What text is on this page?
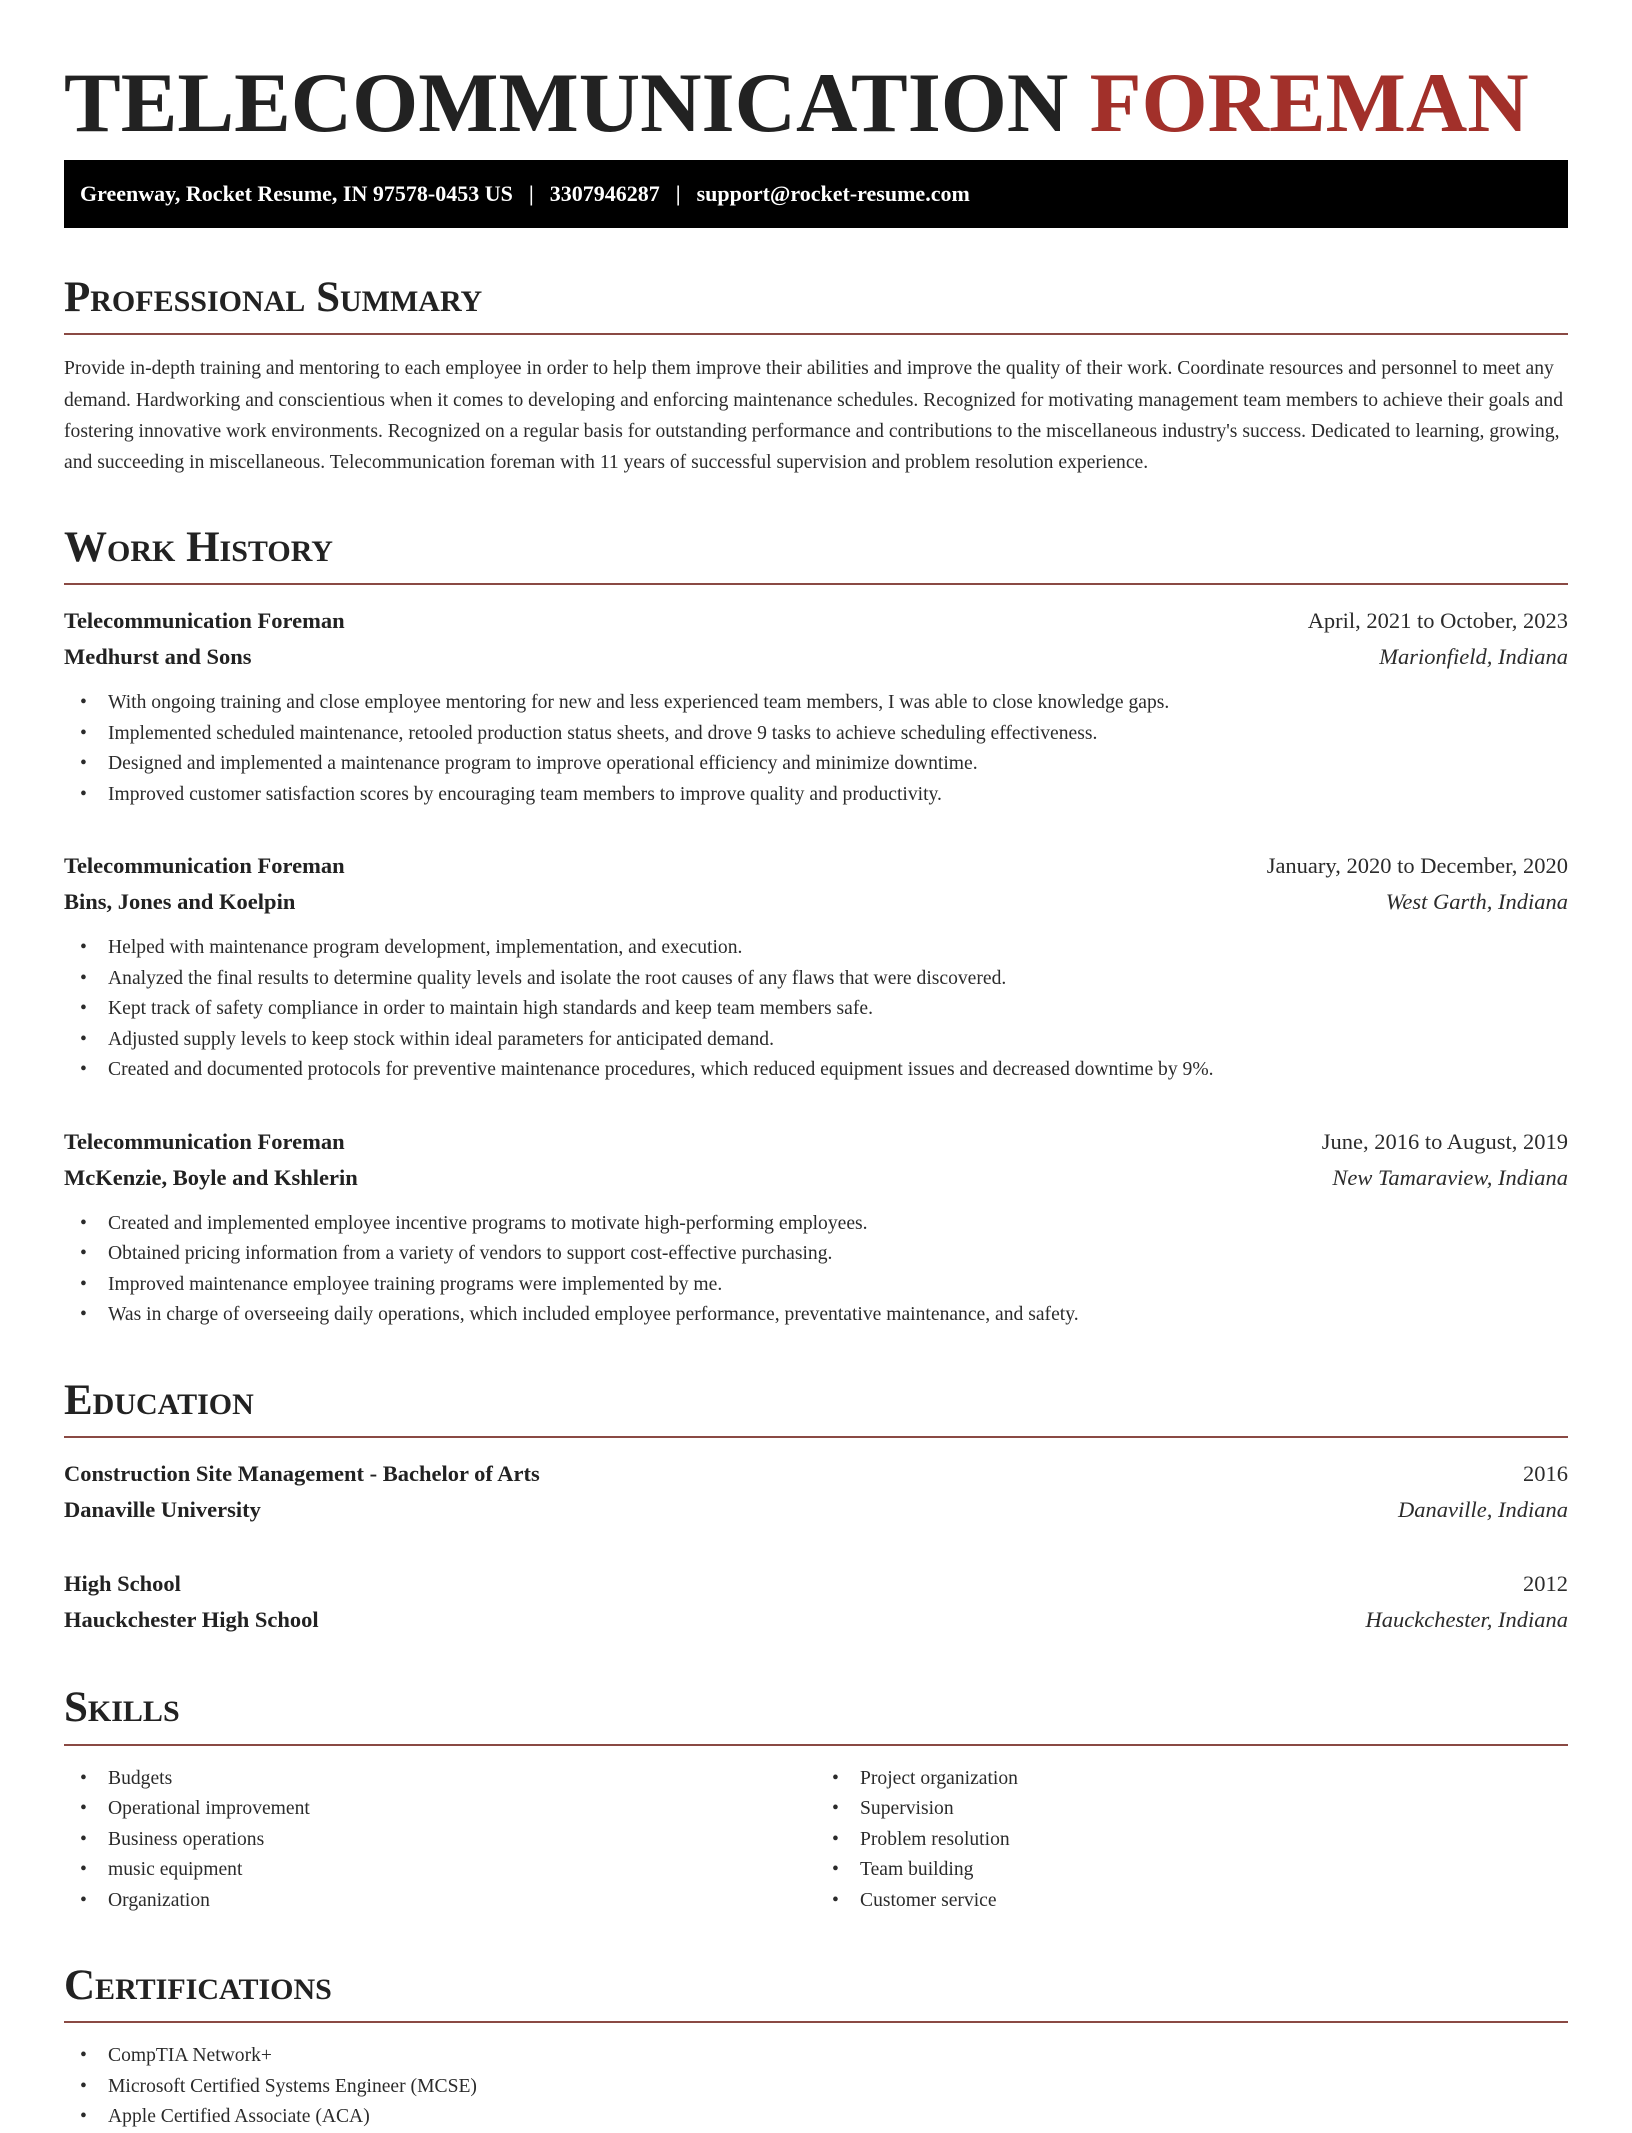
TELECOMMUNICATION FOREMAN
Greenway, Rocket Resume, IN 97578-0453 US | 3307946287 | support@rocket-resume.com
Professional Summary

Provide in-depth training and mentoring to each employee in order to help them improve their abilities and improve the quality of their work. Coordinate resources and personnel to meet any demand. Hardworking and conscientious when it comes to developing and enforcing maintenance schedules. Recognized for motivating management team members to achieve their goals and fostering innovative work environments. Recognized on a regular basis for outstanding performance and contributions to the miscellaneous industry's success. Dedicated to learning, growing, and succeeding in miscellaneous. Telecommunication foreman with 11 years of successful supervision and problem resolution experience.

Work History
Telecommunication Foreman	April, 2021 to October, 2023
Medhurst and Sons	Marionfield, Indiana
• With ongoing training and close employee mentoring for new and less experienced team members, I was able to close knowledge gaps.
• Implemented scheduled maintenance, retooled production status sheets, and drove 9 tasks to achieve scheduling effectiveness.
• Designed and implemented a maintenance program to improve operational efficiency and minimize downtime.
• Improved customer satisfaction scores by encouraging team members to improve quality and productivity.
Telecommunication Foreman	January, 2020 to December, 2020
Bins, Jones and Koelpin	West Garth, Indiana
• Helped with maintenance program development, implementation, and execution.
• Analyzed the final results to determine quality levels and isolate the root causes of any flaws that were discovered.
• Kept track of safety compliance in order to maintain high standards and keep team members safe.
• Adjusted supply levels to keep stock within ideal parameters for anticipated demand.
• Created and documented protocols for preventive maintenance procedures, which reduced equipment issues and decreased downtime by 9%.
Telecommunication Foreman	June, 2016 to August, 2019
McKenzie, Boyle and Kshlerin	New Tamaraview, Indiana
• Created and implemented employee incentive programs to motivate high-performing employees.
• Obtained pricing information from a variety of vendors to support cost-effective purchasing.
• Improved maintenance employee training programs were implemented by me.
• Was in charge of overseeing daily operations, which included employee performance, preventative maintenance, and safety.
Education
Construction Site Management - Bachelor of Arts	2016
Danaville University	Danaville, Indiana
High School	2012
Hauckchester High School	Hauckchester, Indiana
Skills
• Budgets
• Operational improvement
• Business operations
• music equipment
• Organization
• Project organization
• Supervision
• Problem resolution
• Team building
• Customer service
Certifications
• CompTIA Network+
• Microsoft Certified Systems Engineer (MCSE)
• Apple Certified Associate (ACA)
